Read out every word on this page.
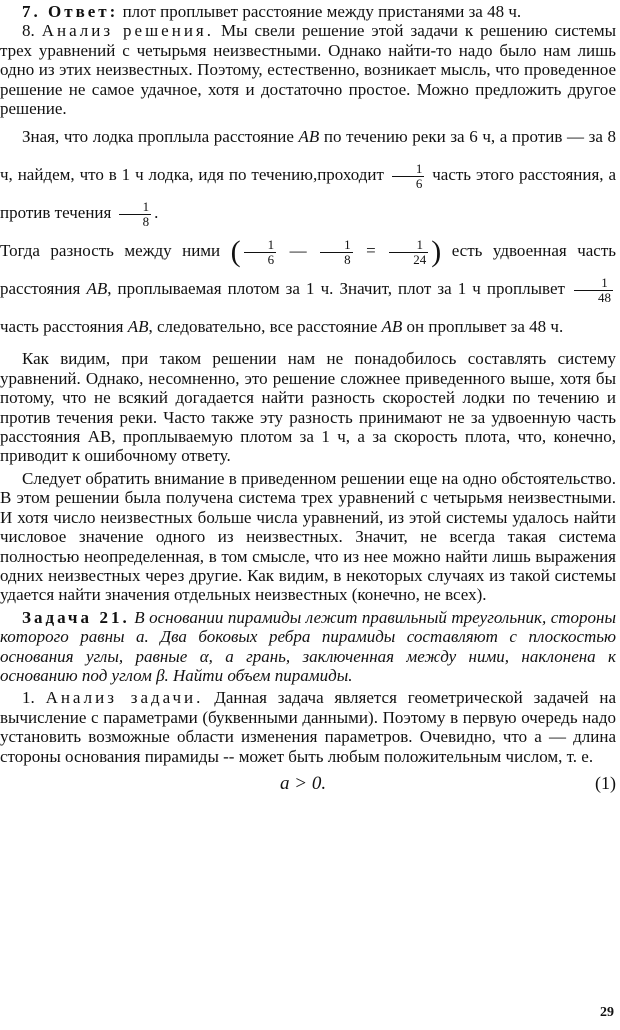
7. Ответ: плот проплывет расстояние между пристанями за 48 ч.

8. Анализ решения. Мы свели решение этой задачи к решению системы трех уравнений с четырьмя неизвестными. Однако найти-то надо было нам лишь одно из этих неизвестных. Поэтому, естественно, возникает мысль, что проведенное решение не самое удачное, хотя и достаточно простое. Можно предложить другое решение.

Зная, что лодка проплыла расстояние AB по течению реки за 6 ч, а против — за 8 ч, найдем, что в 1 ч лодка, идя по течению,проходит $\frac{1}{6}$ часть этого расстояния, а против течения $\frac{1}{8}$ .
Тогда разность между ними ( $\frac{1}{6}$ — $\frac{1}{8} = \frac{1}{24}$ ) есть удвоенная часть расстояния AB, проплываемая плотом за 1 ч. Значит, плот за 1 ч проплывет $\frac{1}{48}$
часть расстояния AB, следовательно, все расстояние AB он проплывет за 48 ч.

Как видим, при таком решении нам не понадобилось составлять систему уравнений. Однако, несомненно, это решение сложнее приведенного выше, хотя бы потому, что не всякий догадается найти разность скоростей лодки по течению и против течения реки. Часто также эту разность принимают не за удвоенную часть расстояния AB, проплываемую плотом за 1 ч, а за скорость плота, что, конечно, приводит к ошибочному ответу.

Следует обратить внимание в приведенном решении еще на одно обстоятельство. В этом решении была получена система трех уравнений с четырьмя неизвестными. И хотя число неизвестных больше числа уравнений, из этой системы удалось найти числовое значение одного из неизвестных. Значит, не всегда такая система полностью неопределенная, в том смысле, что из нее можно найти лишь выражения одних неизвестных через другие. Как видим, в некоторых случаях из такой системы удается найти значения отдельных неизвестных (конечно, не всех).

Задача 21. В основании пирамиды лежит правильный треугольник, стороны которого равны a. Два боковых ребра пирамиды составляют с плоскостью основания углы, равные α, а грань, заключенная между ними, наклонена к основанию под углом β. Найти объем пирамиды.

1. Анализ задачи. Данная задача является геометрической задачей на вычисление с параметрами (буквенными данными). Поэтому в первую очередь надо установить возможные области изменения параметров. Очевидно, что a — длина стороны основания пирамиды -- может быть любым положительным числом, т. е.

a > 0.	(1)
29
